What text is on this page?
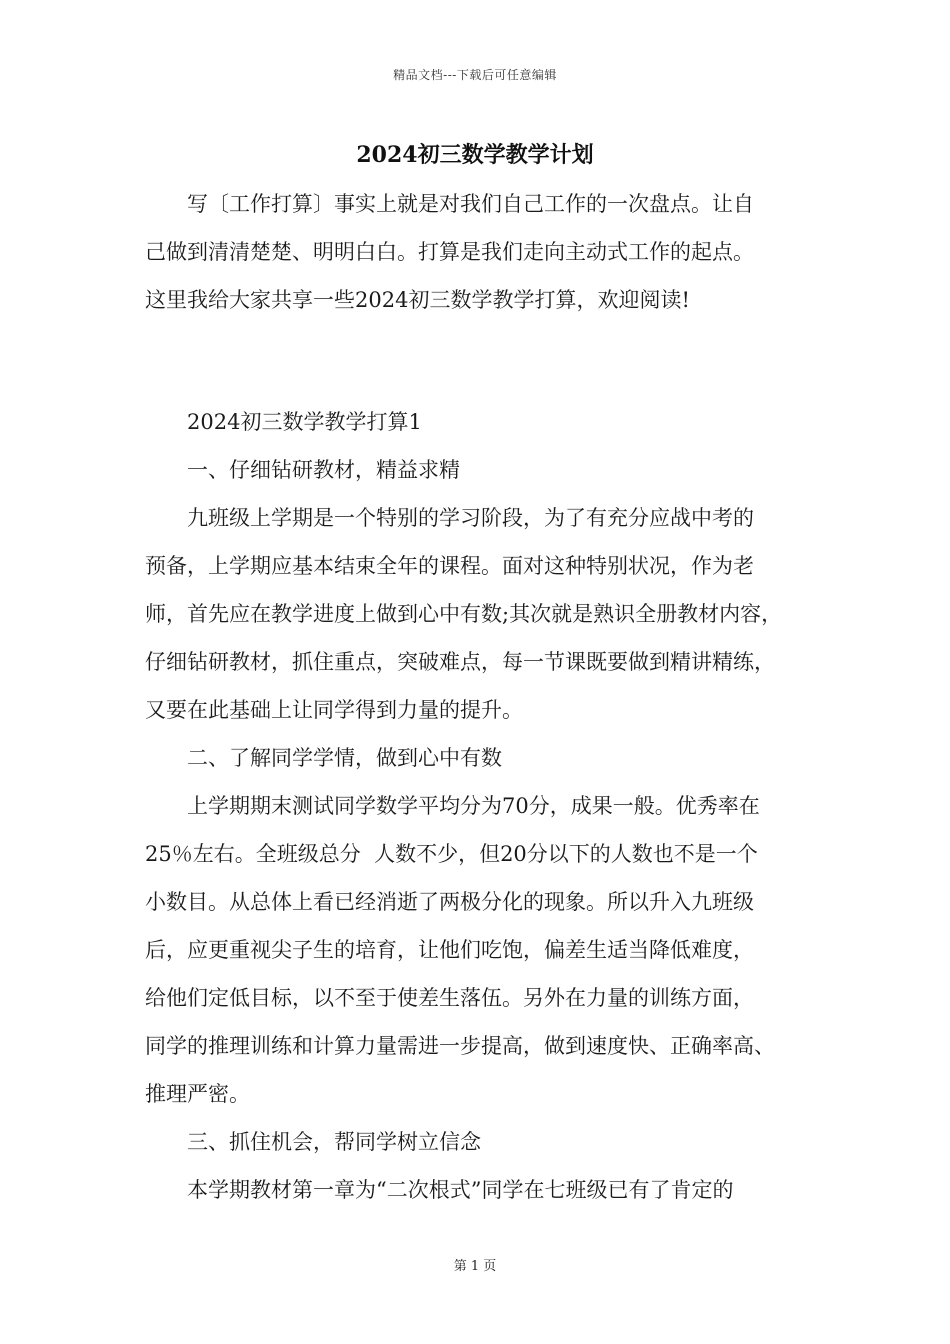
精品文档---下载后可任意编辑
2024初三数学教学计划

写〔工作打算〕事实上就是对我们自己工作的一次盘点。让自

己做到清清楚楚、明明白白。打算是我们走向主动式工作的起点。

这里我给大家共享一些2024初三数学教学打算，欢迎阅读!

2024初三数学教学打算1

一、仔细钻研教材，精益求精

九班级上学期是一个特别的学习阶段，为了有充分应战中考的

预备，上学期应基本结束全年的课程。面对这种特别状况，作为老

师，首先应在教学进度上做到心中有数;其次就是熟识全册教材内容，

仔细钻研教材，抓住重点，突破难点，每一节课既要做到精讲精练，

又要在此基础上让同学得到力量的提升。

二、了解同学学情，做到心中有数

上学期期末测试同学数学平均分为70分，成果一般。优秀率在

25％左右。全班级总分  人数不少，但20分以下的人数也不是一个

小数目。从总体上看已经消逝了两极分化的现象。所以升入九班级

后，应更重视尖子生的培育，让他们吃饱，偏差生适当降低难度，

给他们定低目标，以不至于使差生落伍。另外在力量的训练方面，

同学的推理训练和计算力量需进一步提高，做到速度快、正确率高、

推理严密。

三、抓住机会，帮同学树立信念

本学期教材第一章为“二次根式”同学在七班级已有了肯定的

第 1 页
